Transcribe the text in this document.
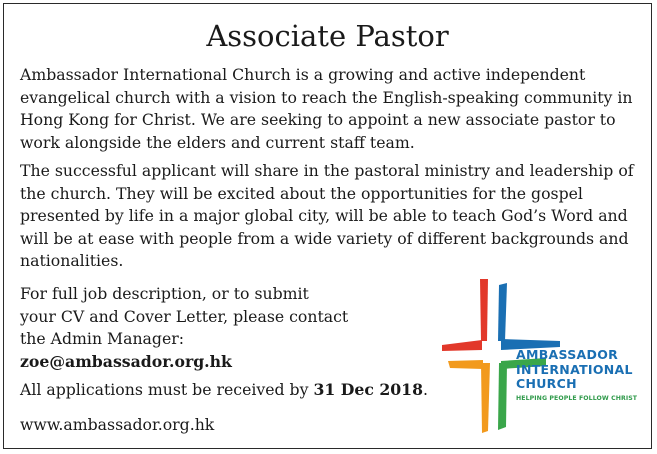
Associate Pastor

Ambassador International Church is a growing and active independent evangelical church with a vision to reach the English-speaking community in Hong Kong for Christ. We are seeking to appoint a new associate pastor to work alongside the elders and current staff team.

The successful applicant will share in the pastoral ministry and leadership of the church. They will be excited about the opportunities for the gospel presented by life in a major global city, will be able to teach God’s Word and will be at ease with people from a wide variety of different backgrounds and nationalities.

For full job description, or to submit
your CV and Cover Letter, please contact
the Admin Manager:
zoe@ambassador.org.hk
All applications must be received by 31 Dec 2018.
www.ambassador.org.hk
AMBASSADOR
INTERNATIONAL
CHURCH
HELPING PEOPLE FOLLOW CHRIST
